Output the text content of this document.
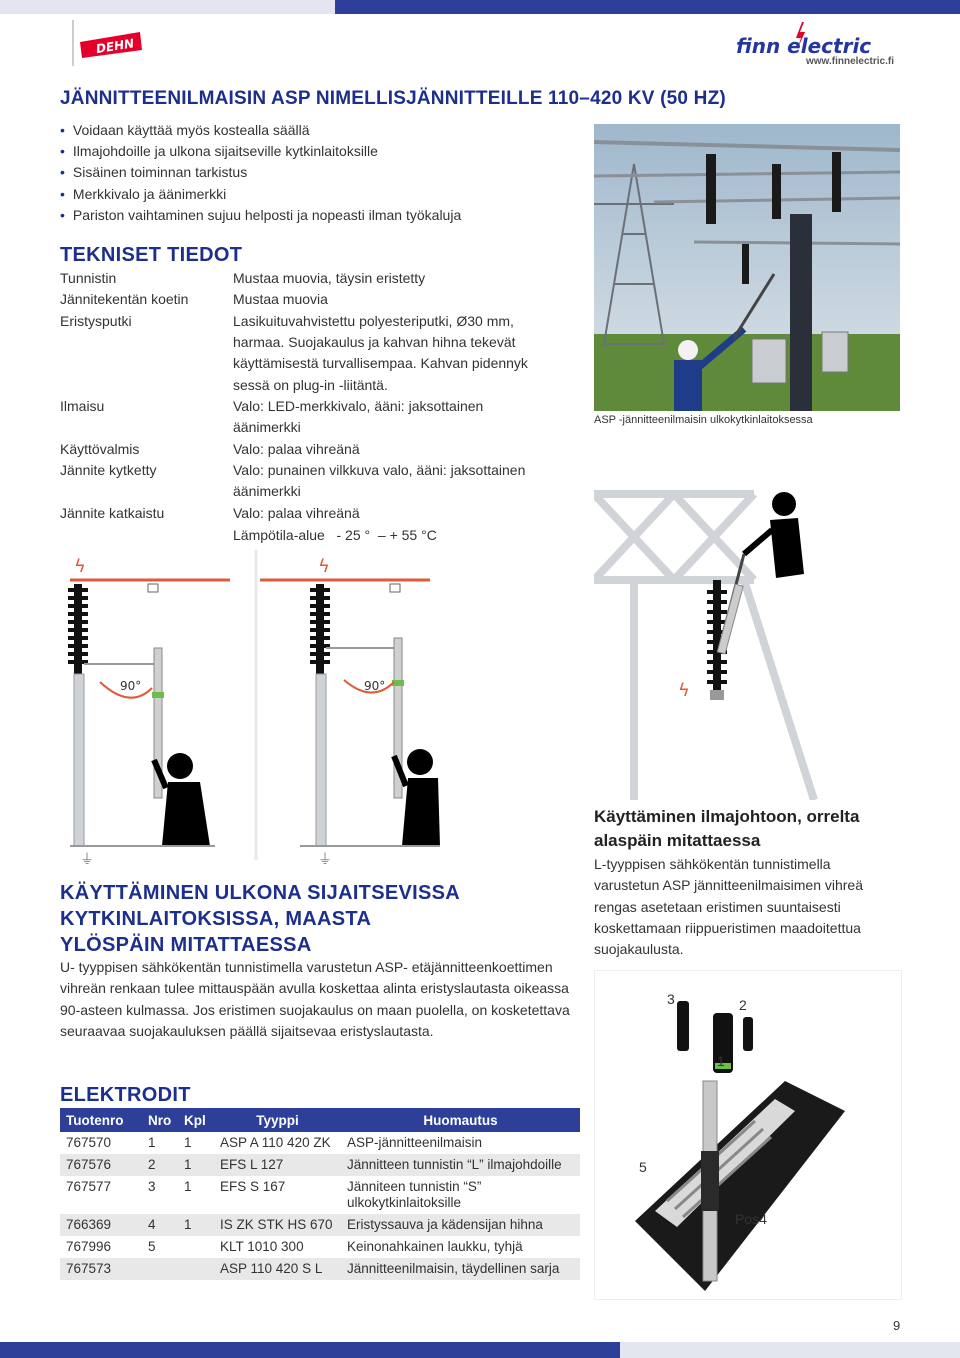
DEHN	finn electric
www.finnelectric.fi
JÄNNITTEENILMAISIN ASP NIMELLISJÄNNITTEILLE 110–420 KV (50 HZ)
• Voidaan käyttää myös kostealla säällä
• Ilmajohdoille ja ulkona sijaitseville kytkinlaitoksille
• Sisäinen toiminnan tarkistus
• Merkkivalo ja äänimerkki
• Pariston vaihtaminen sujuu helposti ja nopeasti ilman työkaluja
TEKNISET TIEDOT
Tunnistin	Mustaa muovia, täysin eristetty
Jännitekentän koetin	Mustaa muovia
Eristysputki	Lasikuituvahvistettu polyesteriputki, Ø30 mm, harmaa. Suojakaulus ja kahvan hihna tekevät käyttämisestä turvallisempaa. Kahvan pidennyk sessä on plug-in -liitäntä.
Ilmaisu	Valo: LED-merkkivalo, ääni: jaksottainen äänimerkki
Käyttövalmis	Valo: palaa vihreänä
Jännite kytketty	Valo: punainen vilkkuva valo, ääni: jaksottainen äänimerkki
Jännite katkaistu	Valo: palaa vihreänä
Lämpötila-alue   - 25 °  – + 55 °C
ASP -jännitteenilmaisin ulkokytkinlaitoksessa
ϟ
90°
⏚
ϟ
90°
⏚
ϟ
Käyttäminen ilmajohtoon, orrelta alaspäin mitattaessa
L-tyyppisen sähkökentän tunnistimella varustetun ASP jännitteenilmaisimen vihreä rengas asetetaan eristimen suuntaisesti koskettamaan riippueristimen maadoitettua suojakaulusta.
KÄYTTÄMINEN ULKONA SIJAITSEVISSA KYTKINLAITOKSISSA, MAASTA YLÖSPÄIN MITATTAESSA
U- tyyppisen sähkökentän tunnistimella varustetun ASP- etäjännitteenkoettimen vihreän renkaan tulee mittauspään avulla koskettaa alinta eristyslautasta oikeassa 90-asteen kulmassa. Jos eristimen suojakaulus on maan puolella, on kosketettava seuraavaa suojakauluksen päällä sijaitsevaa eristyslautasta.
ELEKTRODIT
Tuotenro	Nro	Kpl	Tyyppi	Huomautus
767570	1	1	ASP A 110 420 ZK	ASP-jännitteenilmaisin
767576	2	1	EFS L 127	Jännitteen tunnistin “L” ilmajohdoille
767577	3	1	EFS S 167	Jänniteen tunnistin “S” ulkokytkinlaitoksille
766369	4	1	IS ZK STK HS 670	Eristyssauva ja kädensijan hihna
767996	5		KLT 1010 300	Keinonahkainen laukku, tyhjä
767573			ASP 110 420 S L	Jännitteenilmaisin, täydellinen sarja
3	2
1
5
Pos4
9
